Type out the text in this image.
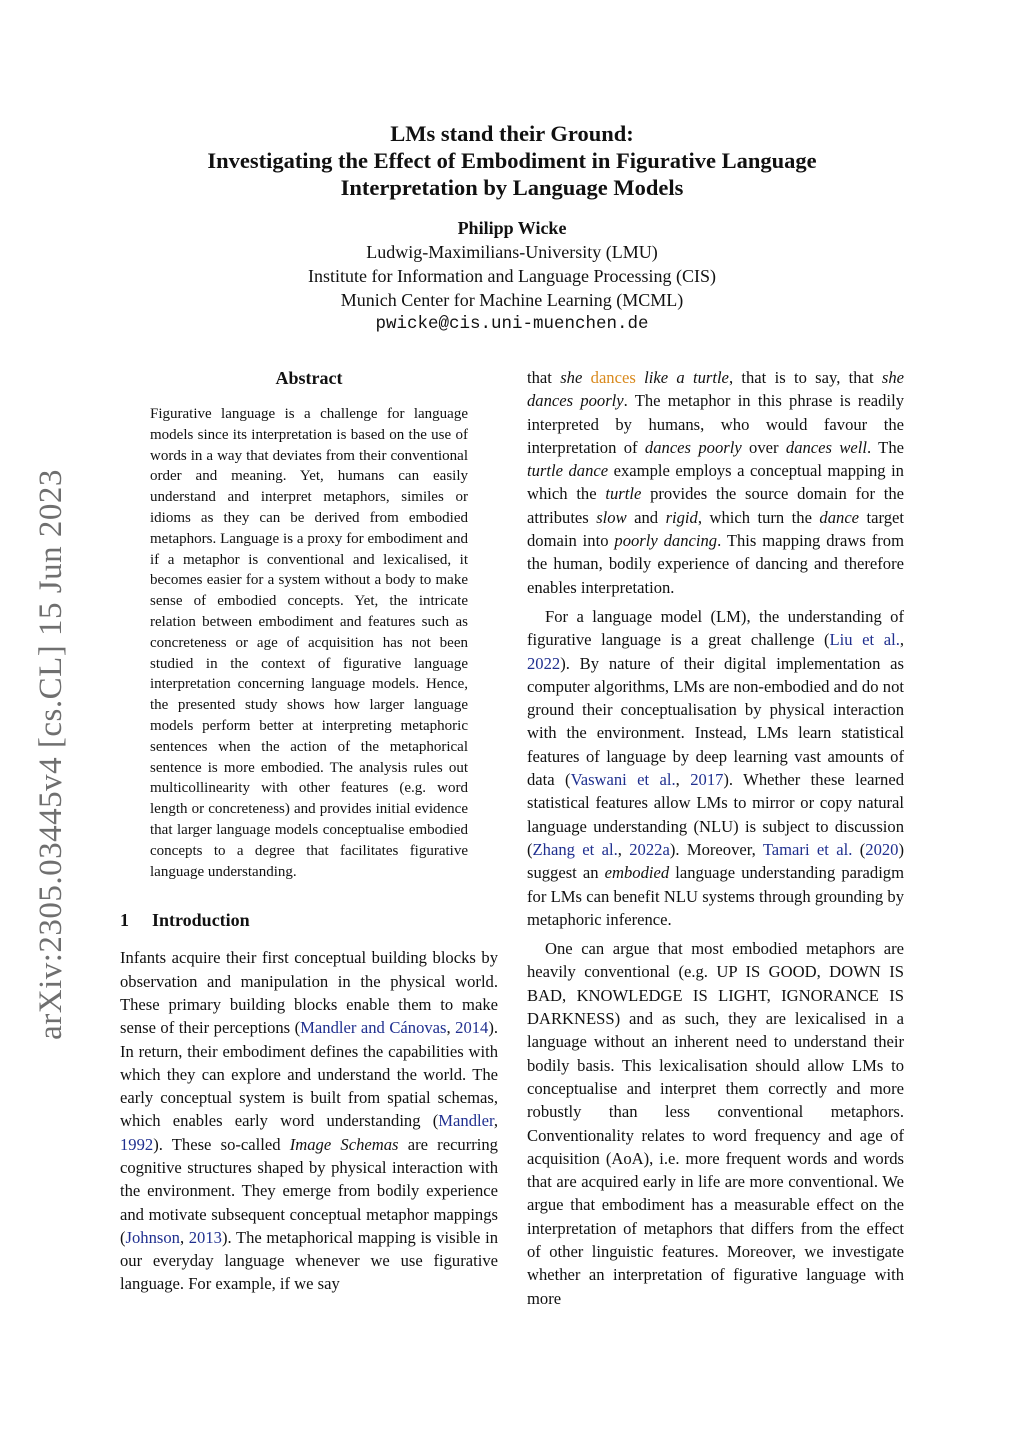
arXiv:2305.03445v4 [cs.CL] 15 Jun 2023
LMs stand their Ground:
Investigating the Effect of Embodiment in Figurative Language
Interpretation by Language Models
Philipp Wicke
Ludwig-Maximilians-University (LMU)
Institute for Information and Language Processing (CIS)
Munich Center for Machine Learning (MCML)
pwicke@cis.uni-muenchen.de
Abstract

Figurative language is a challenge for language models since its interpretation is based on the use of words in a way that deviates from their conventional order and meaning. Yet, humans can easily understand and interpret metaphors, similes or idioms as they can be derived from embodied metaphors. Language is a proxy for embodiment and if a metaphor is conventional and lexicalised, it becomes easier for a system without a body to make sense of embodied concepts. Yet, the intricate relation between embodiment and features such as concreteness or age of acquisition has not been studied in the context of figurative language interpretation concerning language models. Hence, the presented study shows how larger language models perform better at interpreting metaphoric sentences when the action of the metaphorical sentence is more embodied. The analysis rules out multicollinearity with other features (e.g. word length or concreteness) and provides initial evidence that larger language models conceptualise embodied concepts to a degree that facilitates figurative language understanding.

1 Introduction

Infants acquire their first conceptual building blocks by observation and manipulation in the physical world. These primary building blocks enable them to make sense of their perceptions (Mandler and Cánovas, 2014). In return, their embodiment defines the capabilities with which they can explore and understand the world. The early conceptual system is built from spatial schemas, which enables early word understanding (Mandler, 1992). These so-called Image Schemas are recurring cognitive structures shaped by physical interaction with the environment. They emerge from bodily experience and motivate subsequent conceptual metaphor mappings (Johnson, 2013). The metaphorical mapping is visible in our everyday language whenever we use figurative language. For example, if we say

that she dances like a turtle, that is to say, that she dances poorly. The metaphor in this phrase is readily interpreted by humans, who would favour the interpretation of dances poorly over dances well. The turtle dance example employs a conceptual mapping in which the turtle provides the source domain for the attributes slow and rigid, which turn the dance target domain into poorly dancing. This mapping draws from the human, bodily experience of dancing and therefore enables interpretation.

For a language model (LM), the understanding of figurative language is a great challenge (Liu et al., 2022). By nature of their digital implementation as computer algorithms, LMs are non-embodied and do not ground their conceptualisation by physical interaction with the environment. Instead, LMs learn statistical features of language by deep learning vast amounts of data (Vaswani et al., 2017). Whether these learned statistical features allow LMs to mirror or copy natural language understanding (NLU) is subject to discussion (Zhang et al., 2022a). Moreover, Tamari et al. (2020) suggest an embodied language understanding paradigm for LMs can benefit NLU systems through grounding by metaphoric inference.

One can argue that most embodied metaphors are heavily conventional (e.g. UP IS GOOD, DOWN IS BAD, KNOWLEDGE IS LIGHT, IGNORANCE IS DARKNESS) and as such, they are lexicalised in a language without an inherent need to understand their bodily basis. This lexicalisation should allow LMs to conceptualise and interpret them correctly and more robustly than less conventional metaphors. Conventionality relates to word frequency and age of acquisition (AoA), i.e. more frequent words and words that are acquired early in life are more conventional. We argue that embodiment has a measurable effect on the interpretation of metaphors that differs from the effect of other linguistic features. Moreover, we investigate whether an interpretation of figurative language with more
